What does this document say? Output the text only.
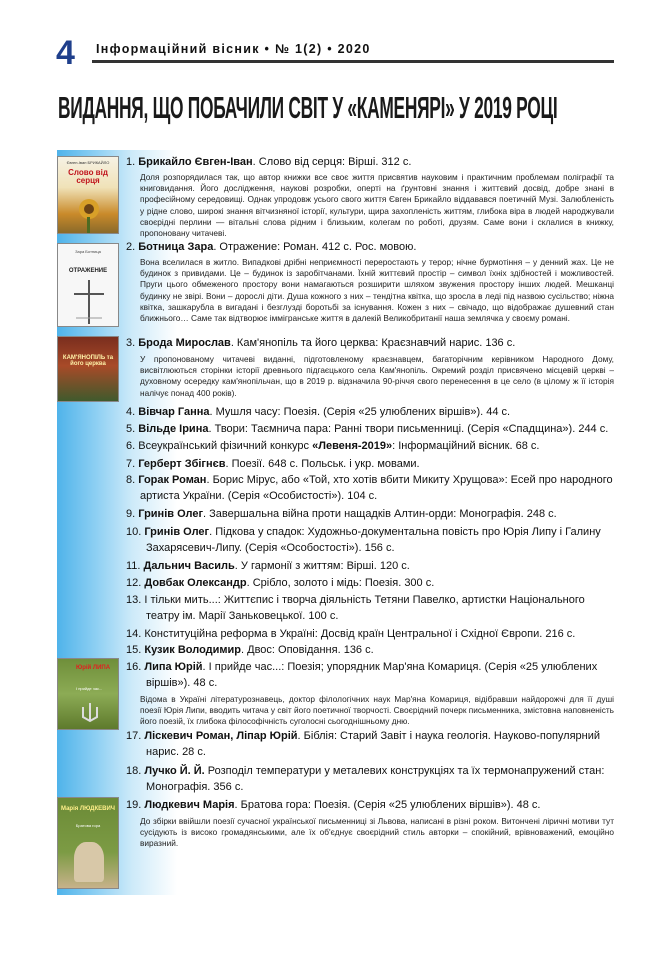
4 Інформаційний вісник • № 1(2) • 2020
ВИДАННЯ, ЩО ПОБАЧИЛИ СВІТ У «КАМЕНЯРІ» У 2019 РОЦІ
Євген-Іван БРИКАЙЛО
Слово від серця
Зара Ботница
ОТРАЖЕНИЕ
КАМ'ЯНОПІЛЬ та його церква
Юрій ЛИПА
І прийде час...
Марія ЛЮДКЕВИЧ
Братова гора
1. Брикайло Євген-Іван. Слово від серця: Вірші. 312 с.
Доля розпорядилася так, що автор книжки все своє життя присвятив науковим і практичним проблемам поліграфії та книговидання. Його дослідження, наукові розробки, оперті на ґрунтовні знання і життєвий досвід, добре знані в професійному середовищі. Однак упродовж усього свого життя Євген Брикайло віддавався поетичній Музі. Залюбленість у рідне слово, широкі знання вітчизняної історії, культури, щира захопленість життям, глибока віра в людей народжували своєрідні перлини — вітальні слова рідним і близьким, колегам по роботі, друзям. Саме вони і склалися в книжку, пропоновану читачеві.
2. Ботница Зара. Отражение: Роман. 412 с. Рос. мовою.
Вона вселилася в житло. Випадкові дрібні неприємності переростають у терор; нічне бурмотіння – у денний жах. Це не будинок з привидами. Це – будинок із заробітчанами. Їхній життєвий простір – символ їхніх здібностей і можливостей. Пруги цього обмеженого простору вони намагаються розширити шляхом звужения простору інших людей. Мешканці будинку не звірі. Вони – дорослі діти. Душа кожного з них – тендітна квітка, що зросла в леді під назвою сусільство; ніжна квітка, зашкарубла в вигадані і безглузді боротьбі за існування. Кожен з них – свічадо, що відображає душевний стан ближнього… Саме так відтворює іммігранське життя в далекій Великобританії наша землячка у своєму романі.
3. Брода Мирослав. Кам'янопіль та його церква: Краєзнавчий нарис. 136 с.
У пропонованому читачеві виданні, підготовленому краєзнавцем, багаторічним керівником Народного Дому, висвітлюються сторінки історії древнього підгаєцького села Кам'янопіль. Окремий розділ присвячено місцевій церкві – духовному осередку кам'янопільчан, що в 2019 р. відзначила 90-річчя свого перенесення в це село (в цілому ж її історія налічує понад 400 років).
4. Вівчар Ганна. Мушля часу: Поезія. (Серія «25 улюблених віршів»). 44 с.
5. Вільде Ірина. Твори: Таємнича пара: Ранні твори письменниці. (Серія «Спадщина»). 244 с.
6. Всеукраїнський фізичний конкурс «Левеня-2019»: Інформаційний вісник. 68 с.
7. Герберт Збігнєв. Поезії. 648 с. Польськ. і укр. мовами.
8. Горак Роман. Борис Мірус, або «Той, хто хотів вбити Микиту Хрущова»: Есей про народного
артиста України. (Серія «Особистості»). 104 с.
9. Гринів Олег. Завершальна війна проти нащадків Алтин-орди: Монографія. 248 с.
10. Гринів Олег. Підкова у спадок: Художньо-документальна повість про Юрія Липу і Галину
Захарясевич-Липу. (Серія «Особостості»). 156 с.
11. Дальнич Василь. У гармонії з життям: Вірші. 120 с.
12. Довбак Олександр. Срібло, золото і мідь: Поезія. 300 с.
13. І тільки мить...: Життєпис і творча діяльність Тетяни Павелко, артистки Національного
театру ім. Марії Заньковецької. 100 с.
14. Конституційна реформа в Україні: Досвід країн Центральної і Східної Європи. 216 с.
15. Кузик Володимир. Двос: Оповідання. 136 с.
16. Липа Юрій. І прийде час...: Поезія; упорядник Мар'яна Комариця. (Серія «25 улюблених
віршів»). 48 с.
Відома в Україні літературознавець, доктор філологічних наук Мар'яна Комариця, відібравши найдорожчі для її душі поезії Юрія Липи, вводить читача у світ його поетичної творчості. Своєрідний почерк письменника, змістовна наповненість його поезій, їх глибока філософічність суголосні сьогоднішньому дню.
17. Ліскевич Роман, Ліпар Юрій. Біблія: Старий Завіт і наука геологія. Науково-популярний
нарис. 28 с.
18. Лучко Й. Й. Розподіл температури у металевих конструкціях та їх термонапружений стан:
Монографія. 356 с.
19. Людкевич Марія. Братова гора: Поезія. (Серія «25 улюблених віршів»). 48 с.
До збірки ввійшли поезії сучасної української письменниці зі Львова, написані в різні роком. Витончені ліричні мотиви тут сусідують із високо громадянськими, але їх об'єднує своєрідний стиль авторки – спокійний, врівноважений, емоційно виразний.
